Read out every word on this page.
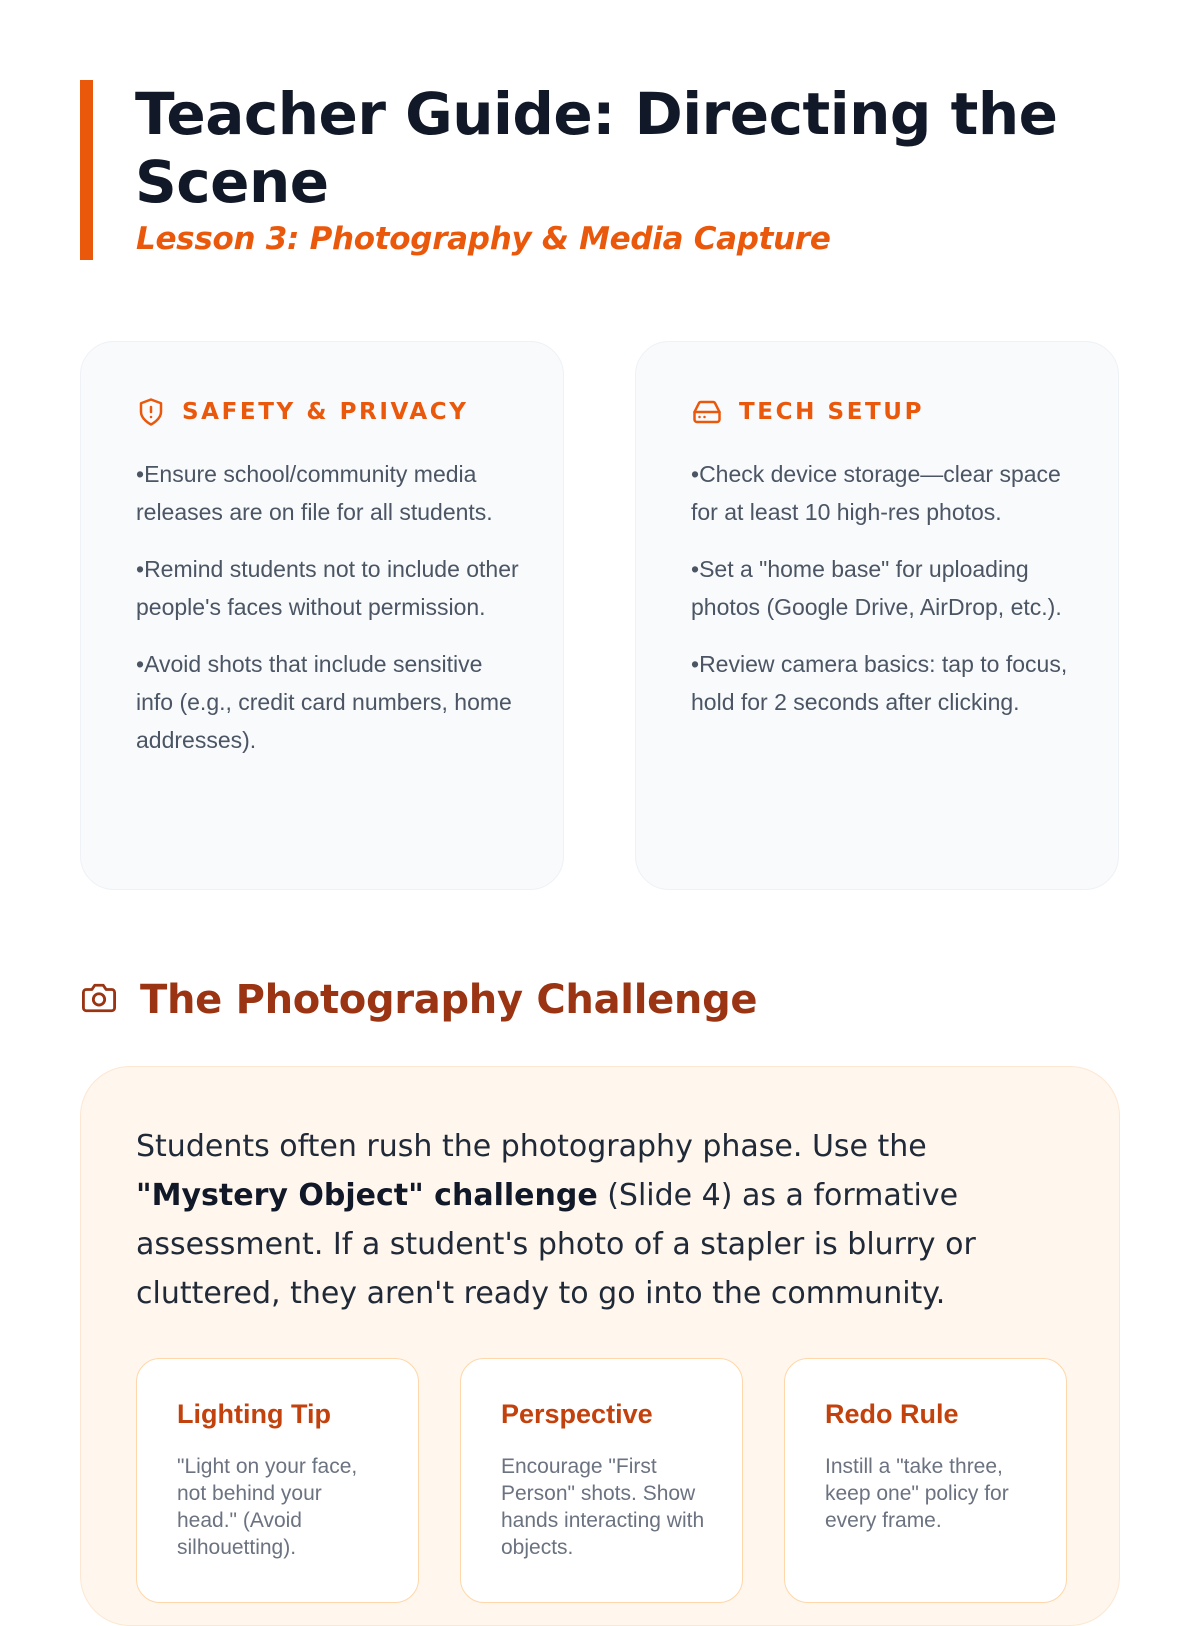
Teacher Guide: Directing the Scene

Lesson 3: Photography & Media Capture

SAFETY & PRIVACY
• Ensure school/community media releases are on file for all students.
• Remind students not to include other people's faces without permission.
• Avoid shots that include sensitive info (e.g., credit card numbers, home addresses).
TECH SETUP
• Check device storage—clear space for at least 10 high-res photos.
• Set a "home base" for uploading photos (Google Drive, AirDrop, etc.).
• Review camera basics: tap to focus, hold for 2 seconds after clicking.
The Photography Challenge

Students often rush the photography phase. Use the "Mystery Object" challenge (Slide 4) as a formative assessment. If a student's photo of a stapler is blurry or cluttered, they aren't ready to go into the community.

Lighting Tip

"Light on your face, not behind your head." (Avoid silhouetting).

Perspective

Encourage "First Person" shots. Show hands interacting with objects.

Redo Rule

Instill a "take three, keep one" policy for every frame.
